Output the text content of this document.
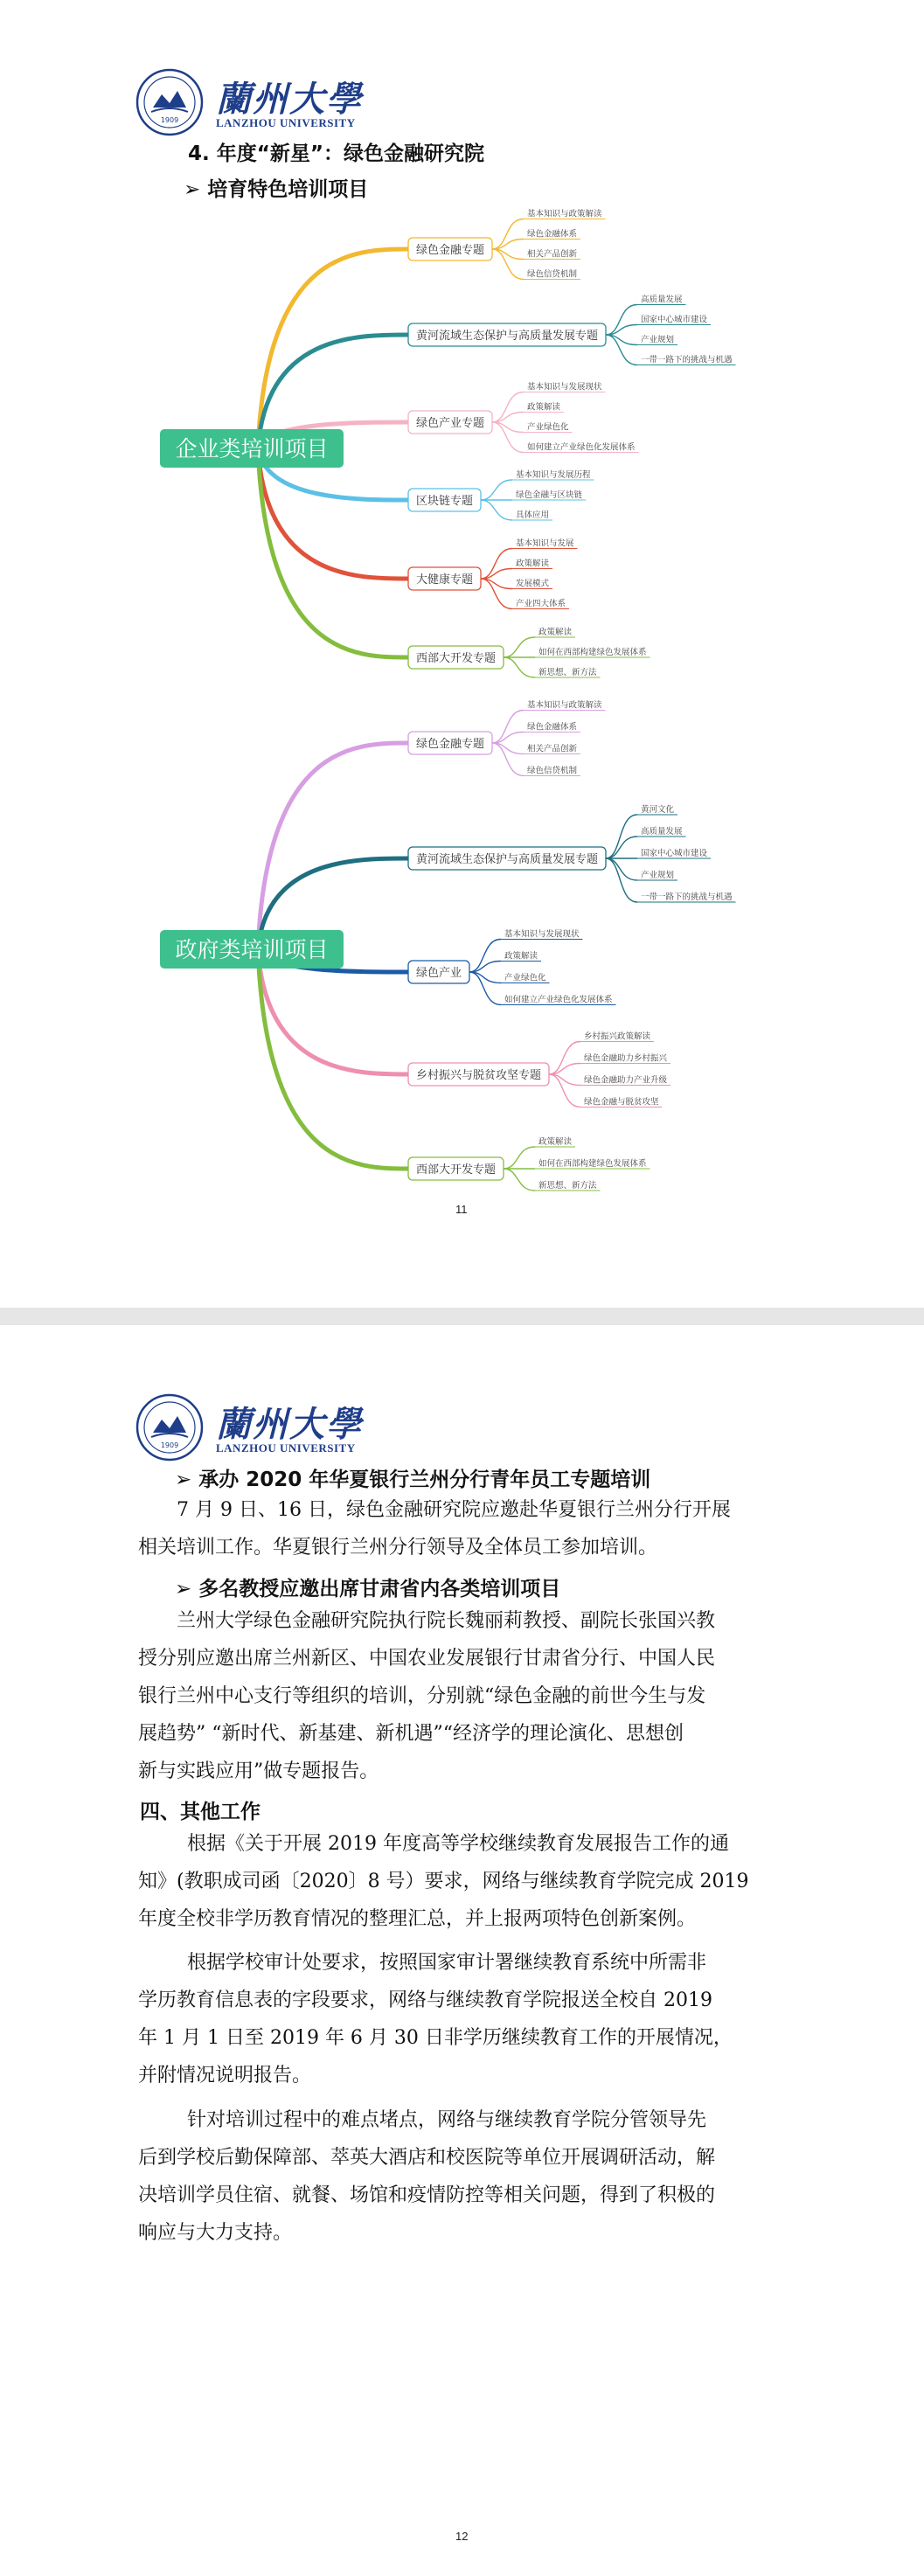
1909
蘭州大學
LANZHOU UNIVERSITY
4. 年度“新星”：绿色金融研究院
➢ 培育特色培训项目
绿色金融专题
基本知识与政策解读
绿色金融体系
相关产品创新
绿色信贷机制
黄河流域生态保护与高质量发展专题
高质量发展
国家中心城市建设
产业规划
一带一路下的挑战与机遇
绿色产业专题
基本知识与发展现状
政策解读
产业绿色化
如何建立产业绿色化发展体系
区块链专题
基本知识与发展历程
绿色金融与区块链
具体应用
大健康专题
基本知识与发展
政策解读
发展模式
产业四大体系
西部大开发专题
政策解读
如何在西部构建绿色发展体系
新思想、新方法
企业类培训项目
绿色金融专题
基本知识与政策解读
绿色金融体系
相关产品创新
绿色信贷机制
黄河流域生态保护与高质量发展专题
黄河文化
高质量发展
国家中心城市建设
产业规划
一带一路下的挑战与机遇
绿色产业
基本知识与发展现状
政策解读
产业绿色化
如何建立产业绿色化发展体系
乡村振兴与脱贫攻坚专题
乡村振兴政策解读
绿色金融助力乡村振兴
绿色金融助力产业升级
绿色金融与脱贫攻坚
西部大开发专题
政策解读
如何在西部构建绿色发展体系
新思想、新方法
政府类培训项目
11
1909
蘭州大學
LANZHOU UNIVERSITY
➢ 承办 2020 年华夏银行兰州分行青年员工专题培训
7 月 9 日、16 日，绿色金融研究院应邀赴华夏银行兰州分行开展
相关培训工作。华夏银行兰州分行领导及全体员工参加培训。
➢ 多名教授应邀出席甘肃省内各类培训项目
兰州大学绿色金融研究院执行院长魏丽莉教授、副院长张国兴教
授分别应邀出席兰州新区、中国农业发展银行甘肃省分行、中国人民
银行兰州中心支行等组织的培训，分别就“绿色金融的前世今生与发
展趋势” “新时代、新基建、新机遇”“经济学的理论演化、思想创
新与实践应用”做专题报告。
四、其他工作
根据《关于开展 2019 年度高等学校继续教育发展报告工作的通
知》(教职成司函〔2020〕8 号）要求，网络与继续教育学院完成 2019
年度全校非学历教育情况的整理汇总，并上报两项特色创新案例。
根据学校审计处要求，按照国家审计署继续教育系统中所需非
学历教育信息表的字段要求，网络与继续教育学院报送全校自 2019
年 1 月 1 日至 2019 年 6 月 30 日非学历继续教育工作的开展情况，
并附情况说明报告。
针对培训过程中的难点堵点，网络与继续教育学院分管领导先
后到学校后勤保障部、萃英大酒店和校医院等单位开展调研活动，解
决培训学员住宿、就餐、场馆和疫情防控等相关问题，得到了积极的
响应与大力支持。
12
